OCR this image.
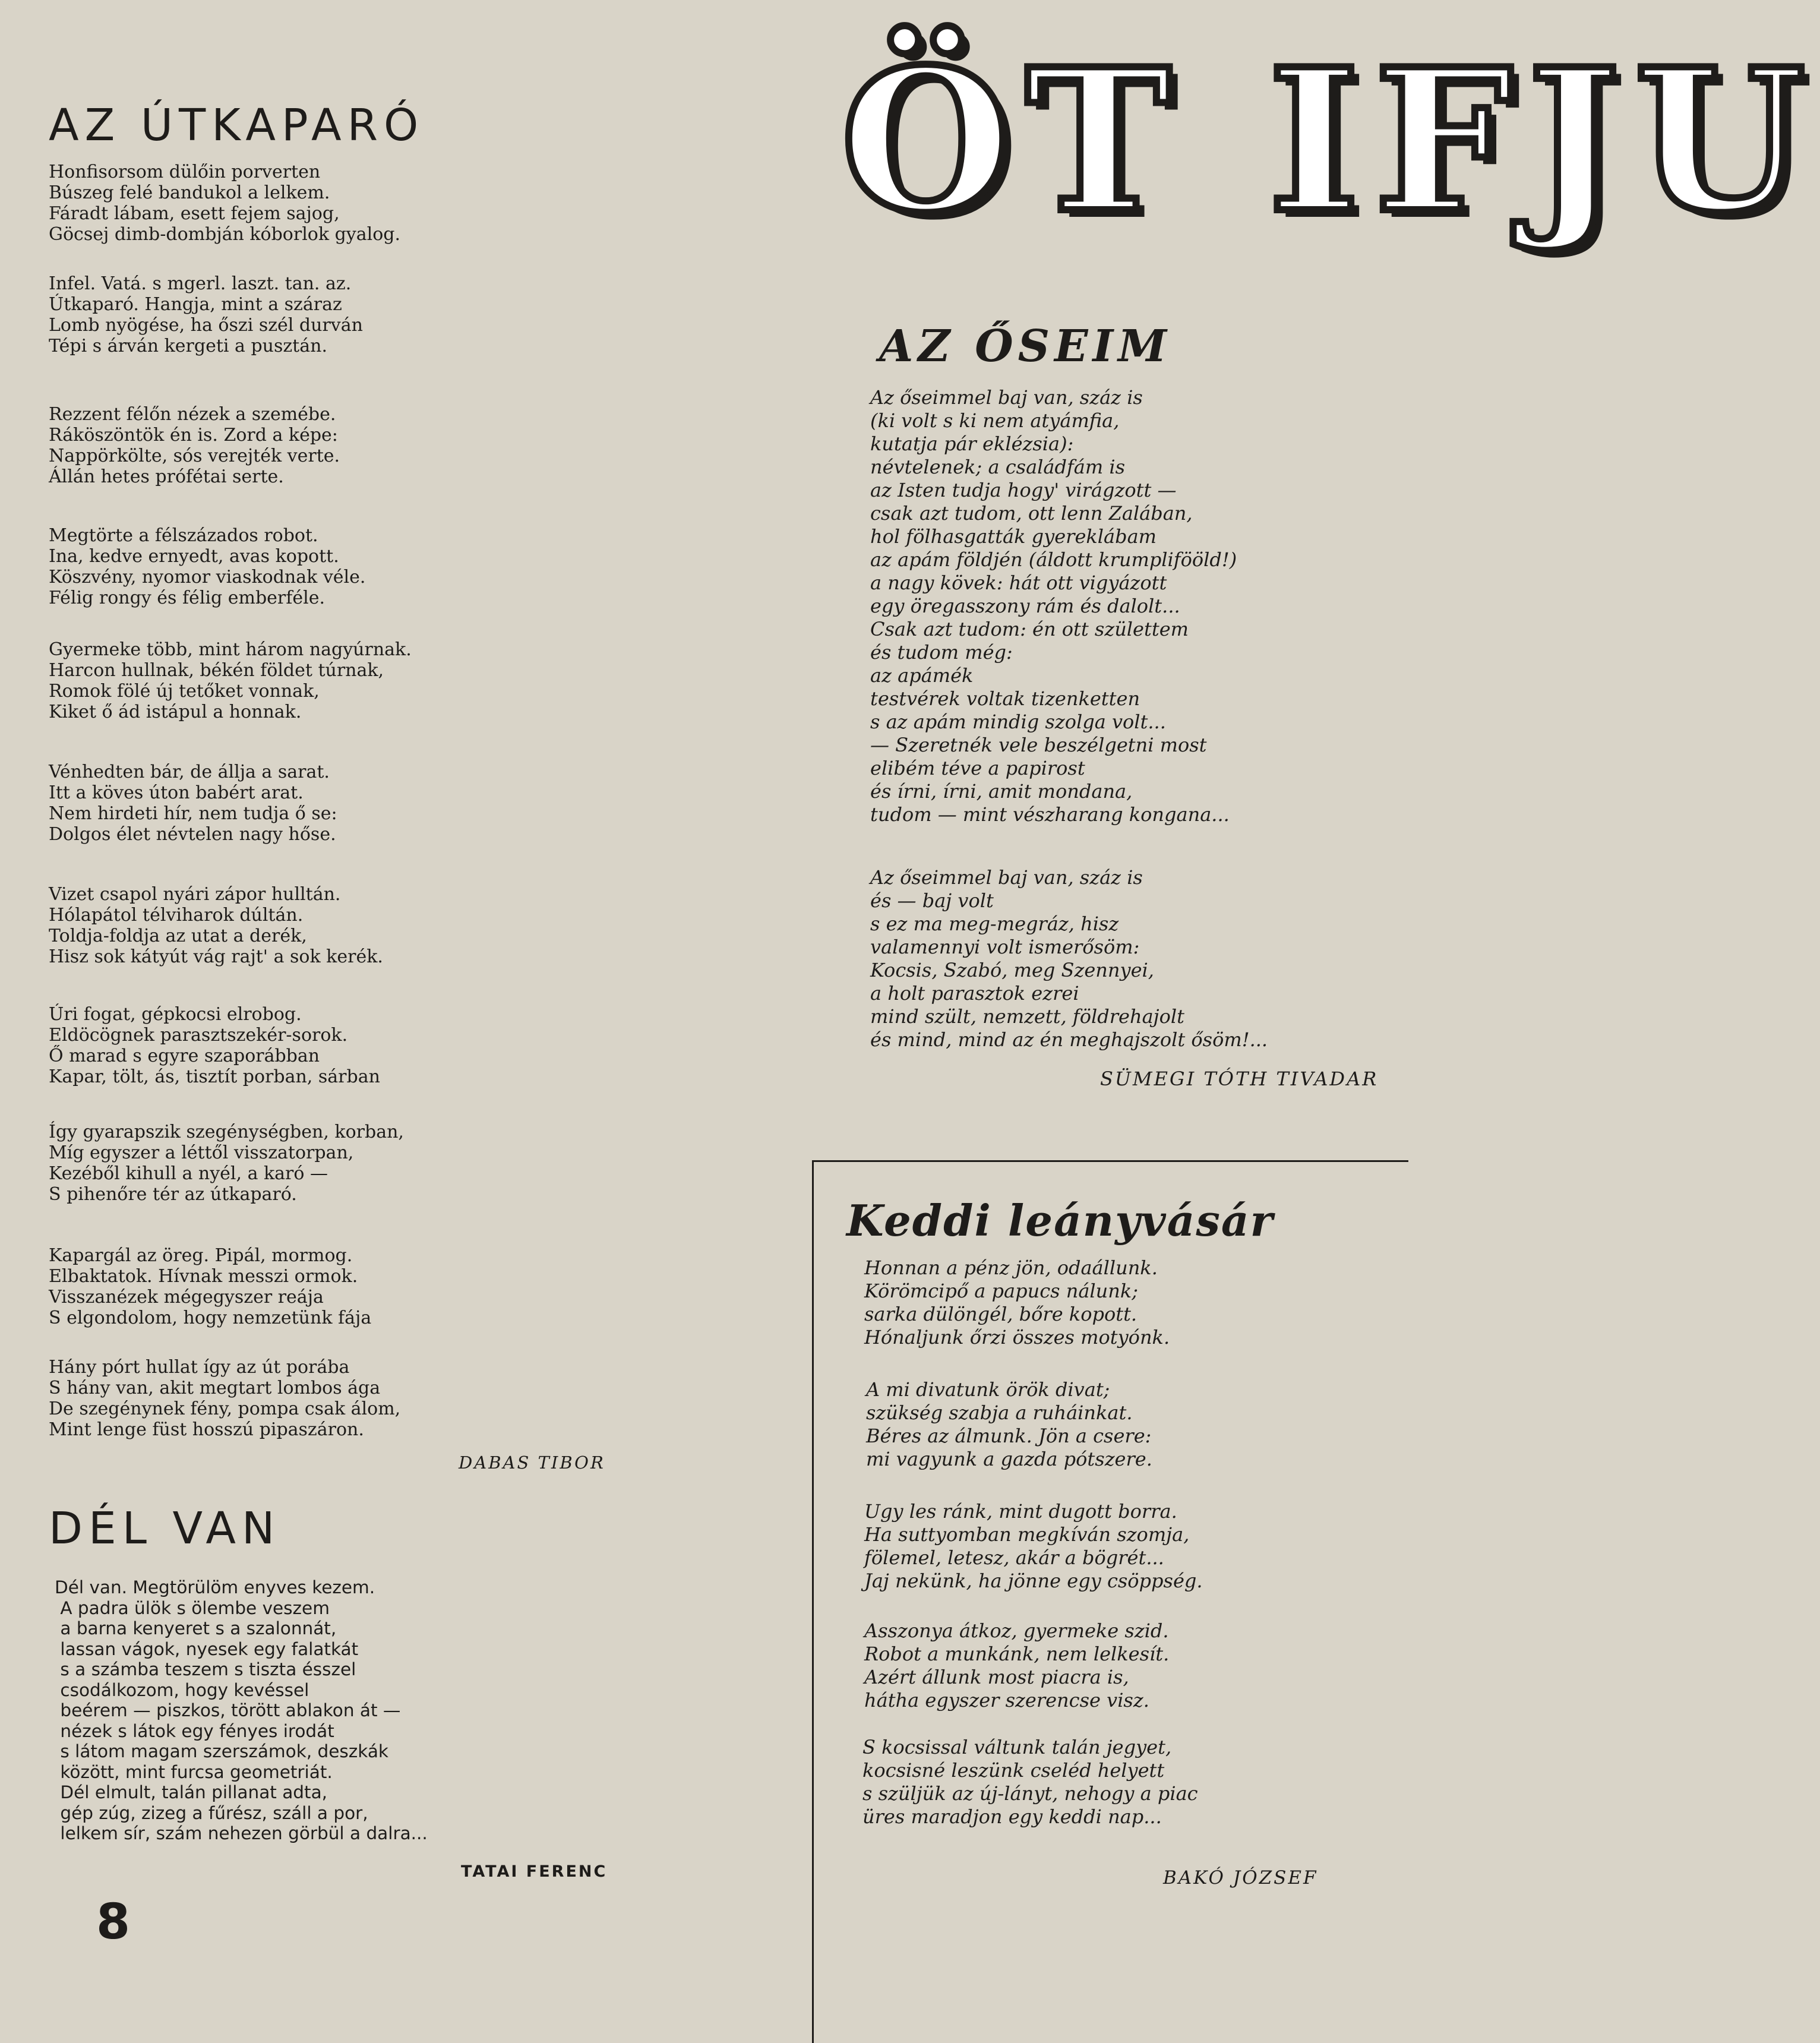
AZ ÚTKAPARÓ

Honfisorsom dülőin porverten
Búszeg felé bandukol a lelkem.
Fáradt lábam, esett fejem sajog,
Göcsej dimb-dombján kóborlok gyalog.

Infel. Vatá. s mgerl. laszt. tan. az.
Útkaparó. Hangja, mint a száraz
Lomb nyögése, ha őszi szél durván
Tépi s árván kergeti a pusztán.

Rezzent félőn nézek a szemébe.
Ráköszöntök én is. Zord a képe:
Nappörkölte, sós verejték verte.
Állán hetes prófétai serte.

Megtörte a félszázados robot.
Ina, kedve ernyedt, avas kopott.
Köszvény, nyomor viaskodnak véle.
Félig rongy és félig emberféle.

Gyermeke több, mint három nagyúrnak.
Harcon hullnak, békén földet túrnak,
Romok fölé új tetőket vonnak,
Kiket ő ád istápul a honnak.

Vénhedten bár, de állja a sarat.
Itt a köves úton babért arat.
Nem hirdeti hír, nem tudja ő se:
Dolgos élet névtelen nagy hőse.

Vizet csapol nyári zápor hulltán.
Hólapátol télviharok dúltán.
Toldja-foldja az utat a derék,
Hisz sok kátyút vág rajt' a sok kerék.

Úri fogat, gépkocsi elrobog.
Eldöcögnek parasztszekér-sorok.
Ő marad s egyre szaporábban
Kapar, tölt, ás, tisztít porban, sárban

Így gyarapszik szegénységben, korban,
Míg egyszer a léttől visszatorpan,
Kezéből kihull a nyél, a karó —
S pihenőre tér az útkaparó.

Kapargál az öreg. Pipál, mormog.
Elbaktatok. Hívnak messzi ormok.
Visszanézek mégegyszer reája
S elgondolom, hogy nemzetünk fája

Hány pórt hullat így az út porába
S hány van, akit megtart lombos ága
De szegénynek fény, pompa csak álom,
Mint lenge füst hosszú pipaszáron.

DABAS TIBOR

DÉL VAN

Dél van. Megtörülöm enyves kezem.
A padra ülök s ölembe veszem
a barna kenyeret s a szalonnát,
lassan vágok, nyesek egy falatkát
s a számba teszem s tiszta ésszel
csodálkozom, hogy kevéssel
beérem — piszkos, törött ablakon át —
nézek s látok egy fényes irodát
s látom magam szerszámok, deszkák
között, mint furcsa geometriát.
Dél elmult, talán pillanat adta,
gép zúg, zizeg a fűrész, száll a por,
lelkem sír, szám nehezen görbül a dalra...

TATAI FERENC

8

ÖT IFJU
AZ ŐSEIM

Az őseimmel baj van, száz is
(ki volt s ki nem atyámfia,
kutatja pár eklézsia):
névtelenek; a családfám is
az Isten tudja hogy' virágzott —
csak azt tudom, ott lenn Zalában,
hol fölhasgatták gyereklábam
az apám földjén (áldott krumplifööld!)
a nagy kövek: hát ott vigyázott
egy öregasszony rám és dalolt...
Csak azt tudom: én ott születtem
és tudom még:
az apámék
testvérek voltak tizenketten
s az apám mindig szolga volt...
— Szeretnék vele beszélgetni most
elibém téve a papirost
és írni, írni, amit mondana,
tudom — mint vészharang kongana...

Az őseimmel baj van, száz is
és — baj volt
s ez ma meg-megráz, hisz
valamennyi volt ismerősöm:
Kocsis, Szabó, meg Szennyei,
a holt parasztok ezrei
mind szült, nemzett, földrehajolt
és mind, mind az én meghajszolt ősöm!...

SÜMEGI TÓTH TIVADAR

Keddi leányvásár

Honnan a pénz jön, odaállunk.
Körömcipő a papucs nálunk;
sarka dülöngél, bőre kopott.
Hónaljunk őrzi összes motyónk.

A mi divatunk örök divat;
szükség szabja a ruháinkat.
Béres az álmunk. Jön a csere:
mi vagyunk a gazda pótszere.

Ugy les ránk, mint dugott borra.
Ha suttyomban megkíván szomja,
fölemel, letesz, akár a bögrét...
Jaj nekünk, ha jönne egy csöppség.

Asszonya átkoz, gyermeke szid.
Robot a munkánk, nem lelkesít.
Azért állunk most piacra is,
hátha egyszer szerencse visz.

S kocsissal váltunk talán jegyet,
kocsisné leszünk cseléd helyett
s szüljük az új-lányt, nehogy a piac
üres maradjon egy keddi nap...

BAKÓ JÓZSEF
